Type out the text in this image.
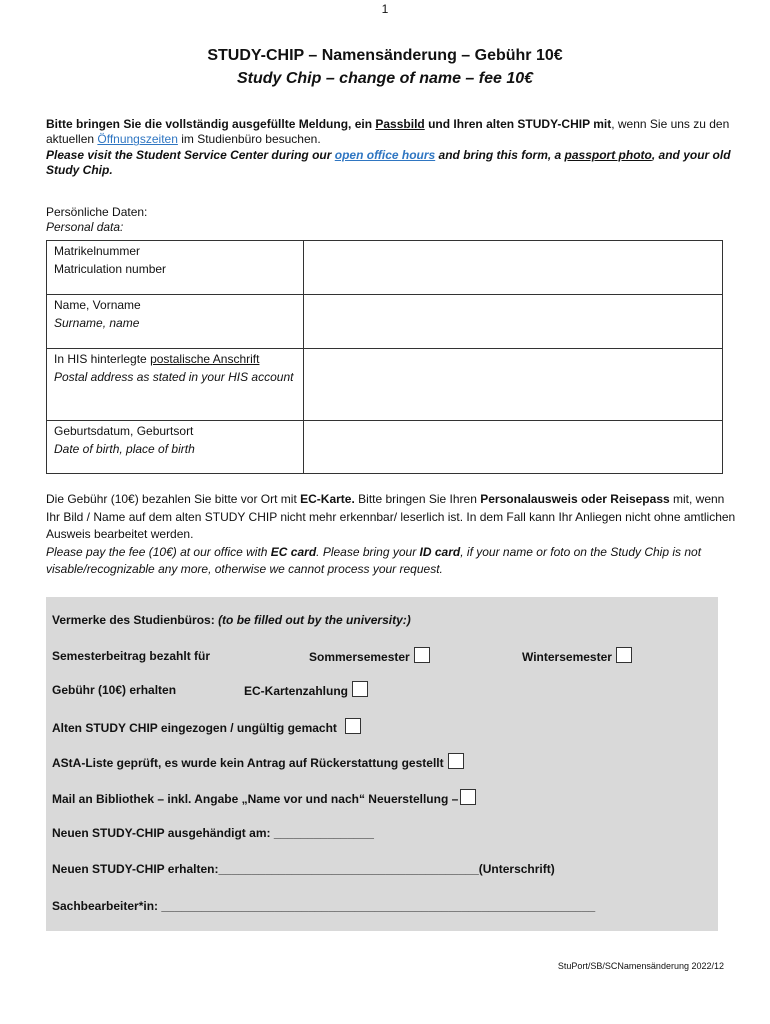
1
STUDY-CHIP – Namensänderung – Gebühr 10€
Study Chip – change of name – fee 10€

Bitte bringen Sie die vollständig ausgefüllte Meldung, ein Passbild und Ihren alten STUDY-CHIP mit, wenn Sie uns zu den aktuellen Öffnungszeiten im Studienbüro besuchen.

Please visit the Student Service Center during our open office hours and bring this form, a passport photo, and your old Study Chip.

Persönliche Daten:
Personal data:
Matrikelnummer
Matriculation number	

Name, Vorname
Surname, name	

In HIS hinterlegte postalische Anschrift
Postal address as stated in your HIS account	

Geburtsdatum, Geburtsort
Date of birth, place of birth	

Die Gebühr (10€) bezahlen Sie bitte vor Ort mit EC-Karte. Bitte bringen Sie Ihren Personalausweis oder Reisepass mit, wenn Ihr Bild / Name auf dem alten STUDY CHIP nicht mehr erkennbar/ leserlich ist. In dem Fall kann Ihr Anliegen nicht ohne amtlichen Ausweis bearbeitet werden.

Please pay the fee (10€) at our office with EC card. Please bring your ID card, if your name or foto on the Study Chip is not visable/recognizable any more, otherwise we cannot process your request.

Vermerke des Studienbüros: (to be filled out by the university:)
Semesterbeitrag bezahlt für	Sommersemester	Wintersemester
Gebühr (10€) erhalten	EC-Kartenzahlung
Alten STUDY CHIP eingezogen / ungültig gemacht
AStA-Liste geprüft, es wurde kein Antrag auf Rückerstattung gestellt
Mail an Bibliothek – inkl. Angabe „Name vor und nach“ Neuerstellung –
Neuen STUDY-CHIP ausgehändigt am: _______________
Neuen STUDY-CHIP erhalten:_______________________________________(Unterschrift)
Sachbearbeiter*in: _________________________________________________________________
StuPort/SB/SCNamensänderung 2022/12
